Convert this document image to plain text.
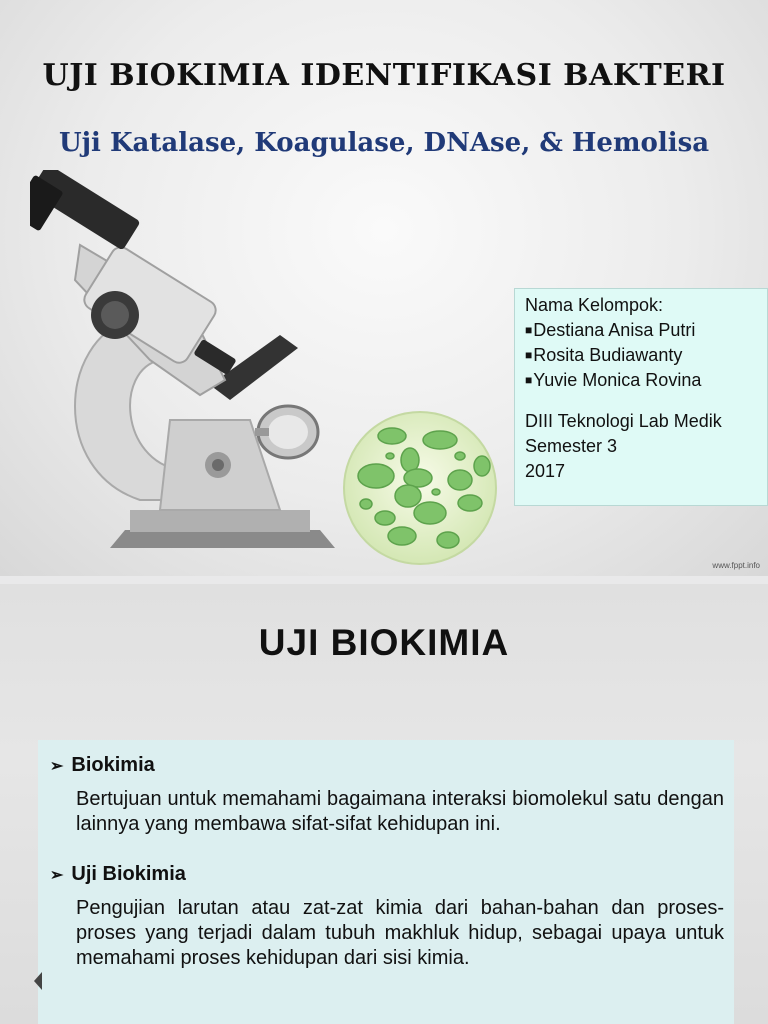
UJI BIOKIMIA IDENTIFIKASI BAKTERI
Uji Katalase, Koagulase, DNAse, & Hemolisa
Nama Kelompok:
■Destiana Anisa Putri
■Rosita Budiawanty
■Yuvie Monica Rovina
DIII Teknologi Lab Medik
Semester 3
2017
www.fppt.info
UJI BIOKIMIA
➢ Biokimia
Bertujuan untuk memahami bagaimana interaksi biomolekul satu dengan lainnya yang membawa sifat-sifat kehidupan ini.
➢ Uji Biokimia
Pengujian larutan atau zat-zat kimia dari bahan-bahan dan proses-proses yang terjadi dalam tubuh makhluk hidup, sebagai upaya untuk memahami proses kehidupan dari sisi kimia.
